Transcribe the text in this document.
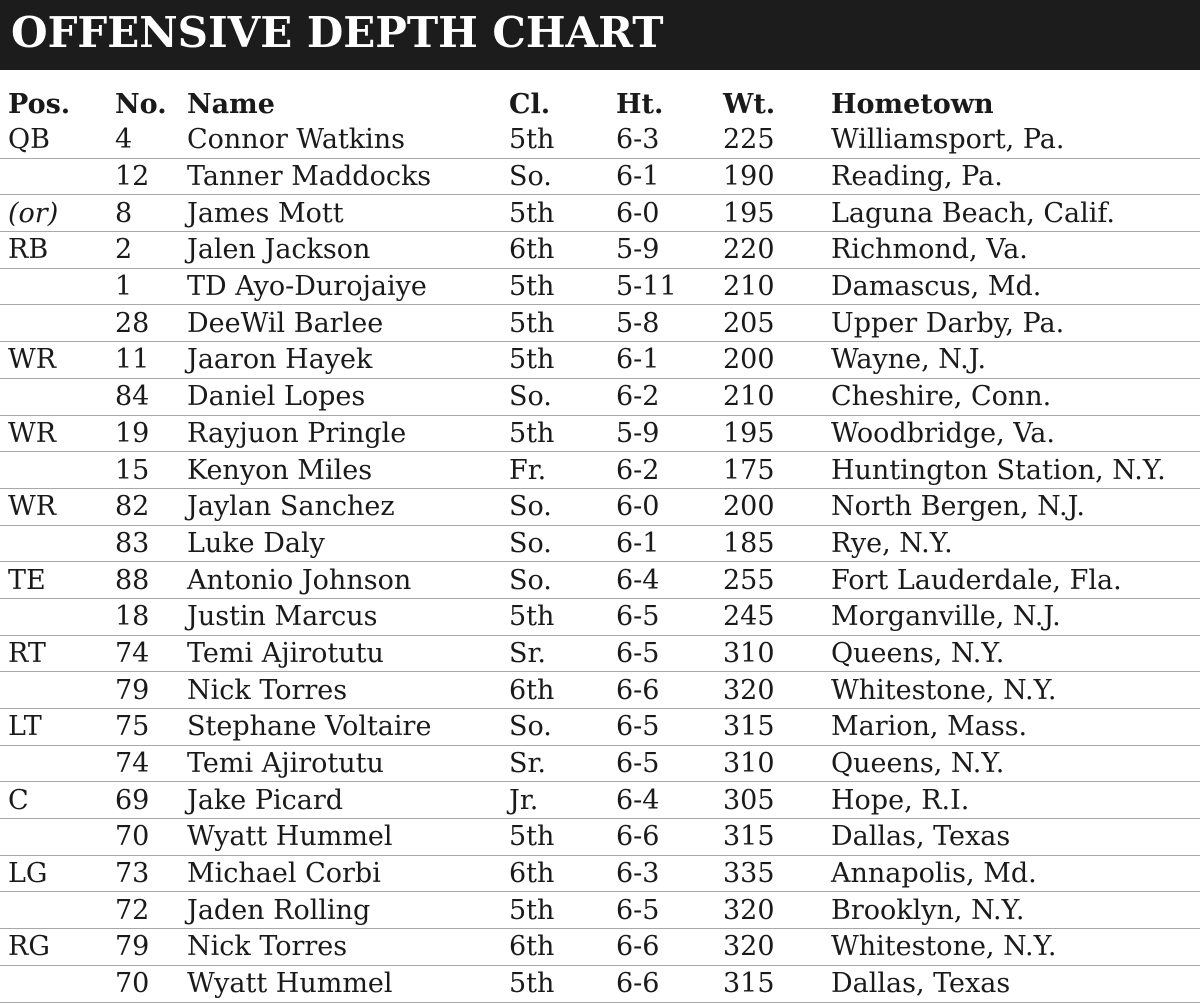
OFFENSIVE DEPTH CHART
Pos. No. Name	Cl. Ht. Wt. Hometown
QB 4 Connor Watkins	5th 6-3 225 Williamsport, Pa.
12 Tanner Maddocks	So. 6-1 190 Reading, Pa.
(or) 8 James Mott	5th 6-0 195 Laguna Beach, Calif.
RB 2 Jalen Jackson	6th 5-9 220 Richmond, Va.
1 TD Ayo-Durojaiye	5th 5-11 210 Damascus, Md.
28 DeeWil Barlee	5th 5-8 205 Upper Darby, Pa.
WR 11 Jaaron Hayek	5th 6-1 200 Wayne, N.J.
84 Daniel Lopes	So. 6-2 210 Cheshire, Conn.
WR 19 Rayjuon Pringle	5th 5-9 195 Woodbridge, Va.
15 Kenyon Miles	Fr.	6-2 175 Huntington Station, N.Y.
WR 82 Jaylan Sanchez	So. 6-0 200 North Bergen, N.J.
83 Luke Daly	So. 6-1 185 Rye, N.Y.
TE	88 Antonio Johnson	So. 6-4 255 Fort Lauderdale, Fla.
18 Justin Marcus	5th 6-5 245 Morganville, N.J.
RT	74 Temi Ajirotutu	Sr.	6-5 310 Queens, N.Y.
79 Nick Torres	6th 6-6 320 Whitestone, N.Y.
LT	75 Stephane Voltaire	So. 6-5 315 Marion, Mass.
74 Temi Ajirotutu	Sr.	6-5 310 Queens, N.Y.
C	69 Jake Picard	Jr.	6-4 305 Hope, R.I.
70 Wyatt Hummel	5th 6-6 315 Dallas, Texas
LG	73 Michael Corbi	6th 6-3 335 Annapolis, Md.
72 Jaden Rolling	5th 6-5 320 Brooklyn, N.Y.
RG 79 Nick Torres	6th 6-6 320 Whitestone, N.Y.
70 Wyatt Hummel	5th 6-6 315 Dallas, Texas
